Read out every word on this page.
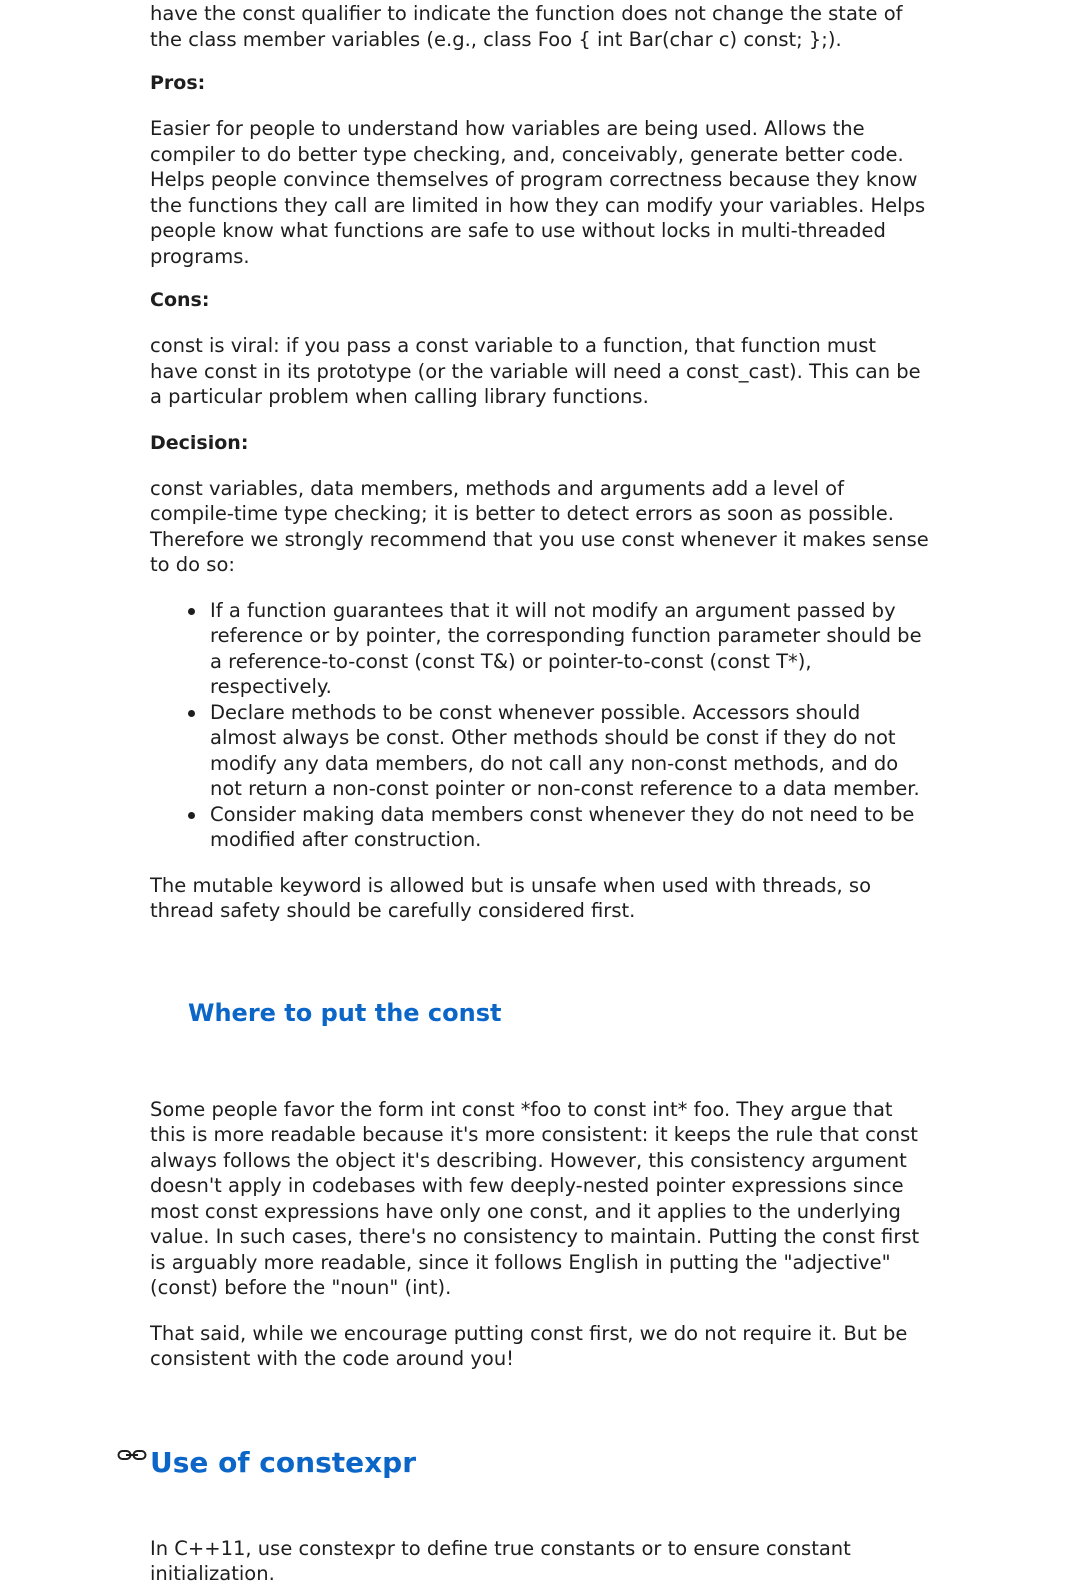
have the const qualifier to indicate the function does not change the state of the class member variables (e.g., class Foo { int Bar(char c) const; };).

Pros:

Easier for people to understand how variables are being used. Allows the compiler to do better type checking, and, conceivably, generate better code. Helps people convince themselves of program correctness because they know the functions they call are limited in how they can modify your variables. Helps people know what functions are safe to use without locks in multi-threaded programs.

Cons:

const is viral: if you pass a const variable to a function, that function must have const in its prototype (or the variable will need a const_cast). This can be a particular problem when calling library functions.

Decision:

const variables, data members, methods and arguments add a level of compile-time type checking; it is better to detect errors as soon as possible. Therefore we strongly recommend that you use const whenever it makes sense to do so:

If a function guarantees that it will not modify an argument passed by reference or by pointer, the corresponding function parameter should be a reference-to-const (const T&) or pointer-to-const (const T*), respectively.
Declare methods to be const whenever possible. Accessors should almost always be const. Other methods should be const if they do not modify any data members, do not call any non-const methods, and do not return a non-const pointer or non-const reference to a data member.
Consider making data members const whenever they do not need to be modified after construction.

The mutable keyword is allowed but is unsafe when used with threads, so thread safety should be carefully considered first.

Where to put the const

Some people favor the form int const *foo to const int* foo. They argue that this is more readable because it's more consistent: it keeps the rule that const always follows the object it's describing. However, this consistency argument doesn't apply in codebases with few deeply-nested pointer expressions since most const expressions have only one const, and it applies to the underlying value. In such cases, there's no consistency to maintain. Putting the const first is arguably more readable, since it follows English in putting the "adjective" (const) before the "noun" (int).

That said, while we encourage putting const first, we do not require it. But be consistent with the code around you!

Use of constexpr

In C++11, use constexpr to define true constants or to ensure constant initialization.
